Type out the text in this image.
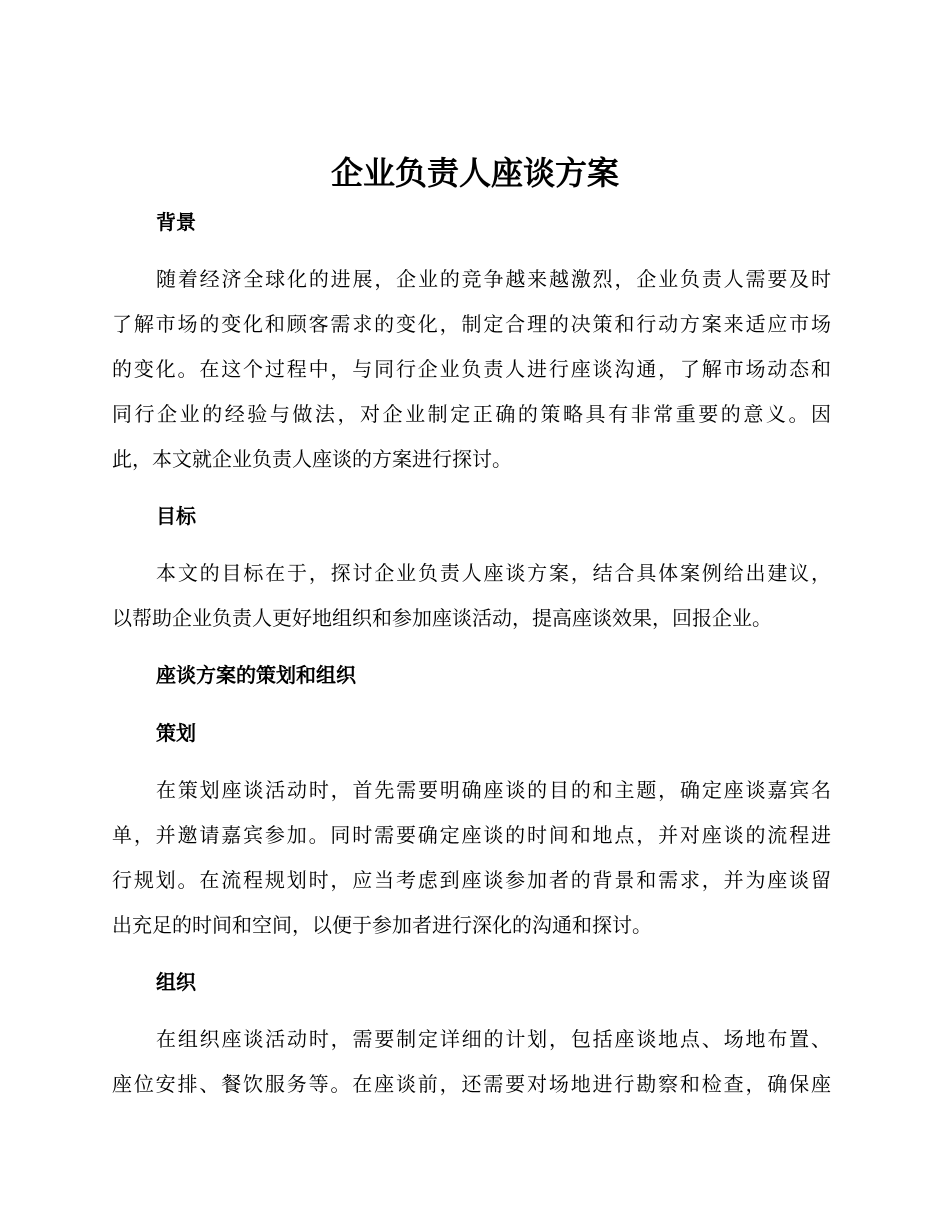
企业负责人座谈方案
背景
随着经济全球化的进展，企业的竞争越来越激烈，企业负责人需要及时
了解市场的变化和顾客需求的变化，制定合理的决策和行动方案来适应市场
的变化。在这个过程中，与同行企业负责人进行座谈沟通，了解市场动态和
同行企业的经验与做法，对企业制定正确的策略具有非常重要的意义。因
此，本文就企业负责人座谈的方案进行探讨。
目标
本文的目标在于，探讨企业负责人座谈方案，结合具体案例给出建议，
以帮助企业负责人更好地组织和参加座谈活动，提高座谈效果，回报企业。
座谈方案的策划和组织
策划
在策划座谈活动时，首先需要明确座谈的目的和主题，确定座谈嘉宾名
单，并邀请嘉宾参加。同时需要确定座谈的时间和地点，并对座谈的流程进
行规划。在流程规划时，应当考虑到座谈参加者的背景和需求，并为座谈留
出充足的时间和空间，以便于参加者进行深化的沟通和探讨。
组织
在组织座谈活动时，需要制定详细的计划，包括座谈地点、场地布置、
座位安排、餐饮服务等。在座谈前，还需要对场地进行勘察和检查，确保座
